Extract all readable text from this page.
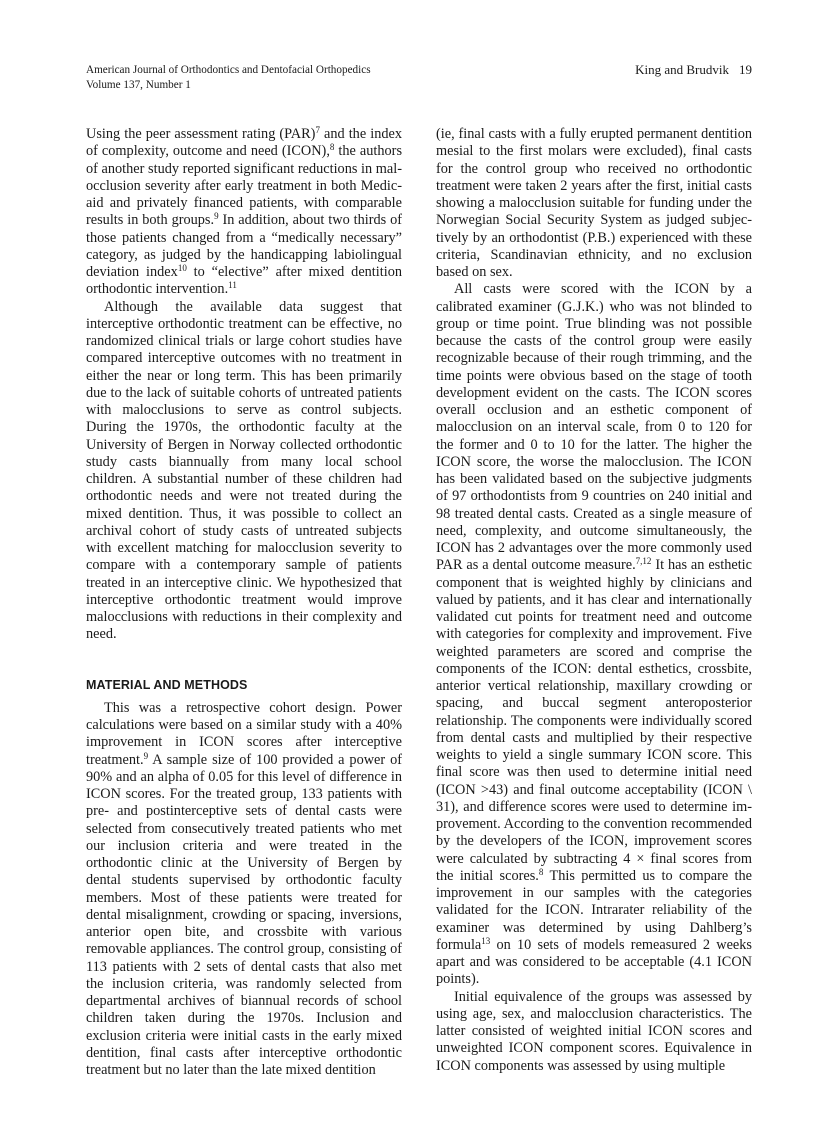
American Journal of Orthodontics and Dentofacial Orthopedics
Volume 137, Number 1
King and Brudvik 19

Using the peer assessment rating (PAR)$^7$ and the index of complexity, outcome and need (ICON),$^8$ the authors of another study reported significant reductions in malocclusion severity after early treatment in both Medicaid and privately financed patients, with comparable results in both groups.$^9$ In addition, about two thirds of those patients changed from a “medically necessary” category, as judged by the handicapping labiolingual deviation index$^{10}$ to “elective” after mixed dentition orthodontic intervention.$^{11}$

Although the available data suggest that interceptive orthodontic treatment can be effective, no randomized clinical trials or large cohort studies have compared interceptive outcomes with no treatment in either the near or long term. This has been primarily due to the lack of suitable cohorts of untreated patients with malocclusions to serve as control subjects. During the 1970s, the orthodontic faculty at the University of Bergen in Norway collected orthodontic study casts biannually from many local school children. A substantial number of these children had orthodontic needs and were not treated during the mixed dentition. Thus, it was possible to collect an archival cohort of study casts of untreated subjects with excellent matching for malocclusion severity to compare with a contemporary sample of patients treated in an interceptive clinic. We hypothesized that interceptive orthodontic treatment would improve malocclusions with reductions in their complexity and need.

MATERIAL AND METHODS

This was a retrospective cohort design. Power calculations were based on a similar study with a 40% improvement in ICON scores after interceptive treatment.$^9$ A sample size of 100 provided a power of 90% and an alpha of 0.05 for this level of difference in ICON scores. For the treated group, 133 patients with pre- and postinterceptive sets of dental casts were selected from consecutively treated patients who met our inclusion criteria and were treated in the orthodontic clinic at the University of Bergen by dental students supervised by orthodontic faculty members. Most of these patients were treated for dental misalignment, crowding or spacing, inversions, anterior open bite, and crossbite with various removable appliances. The control group, consisting of 113 patients with 2 sets of dental casts that also met the inclusion criteria, was randomly selected from departmental archives of biannual records of school children taken during the 1970s. Inclusion and exclusion criteria were initial casts in the early mixed dentition, final casts after interceptive orthodontic treatment but no later than the late mixed dentition

(ie, final casts with a fully erupted permanent dentition mesial to the first molars were excluded), final casts for the control group who received no orthodontic treatment were taken 2 years after the first, initial casts showing a malocclusion suitable for funding under the Norwegian Social Security System as judged subjectively by an orthodontist (P.B.) experienced with these criteria, Scandinavian ethnicity, and no exclusion based on sex.

All casts were scored with the ICON by a calibrated examiner (G.J.K.) who was not blinded to group or time point. True blinding was not possible because the casts of the control group were easily recognizable because of their rough trimming, and the time points were obvious based on the stage of tooth development evident on the casts. The ICON scores overall occlusion and an esthetic component of malocclusion on an interval scale, from 0 to 120 for the former and 0 to 10 for the latter. The higher the ICON score, the worse the malocclusion. The ICON has been validated based on the subjective judgments of 97 orthodontists from 9 countries on 240 initial and 98 treated dental casts. Created as a single measure of need, complexity, and outcome simultaneously, the ICON has 2 advantages over the more commonly used PAR as a dental outcome measure.$^{7,12}$ It has an esthetic component that is weighted highly by clinicians and valued by patients, and it has clear and internationally validated cut points for treatment need and outcome with categories for complexity and improvement. Five weighted parameters are scored and comprise the components of the ICON: dental esthetics, crossbite, anterior vertical relationship, maxillary crowding or spacing, and buccal segment anteroposterior relationship. The components were individually scored from dental casts and multiplied by their respective weights to yield a single summary ICON score. This final score was then used to determine initial need (ICON >43) and final outcome acceptability (ICON \ 31), and difference scores were used to determine improvement. According to the convention recommended by the developers of the ICON, improvement scores were calculated by subtracting 4 × final scores from the initial scores.$^8$ This permitted us to compare the improvement in our samples with the categories validated for the ICON. Intrarater reliability of the examiner was determined by using Dahlberg’s formula$^{13}$ on 10 sets of models remeasured 2 weeks apart and was considered to be acceptable (4.1 ICON points).

Initial equivalence of the groups was assessed by using age, sex, and malocclusion characteristics. The latter consisted of weighted initial ICON scores and unweighted ICON component scores. Equivalence in ICON components was assessed by using multiple
